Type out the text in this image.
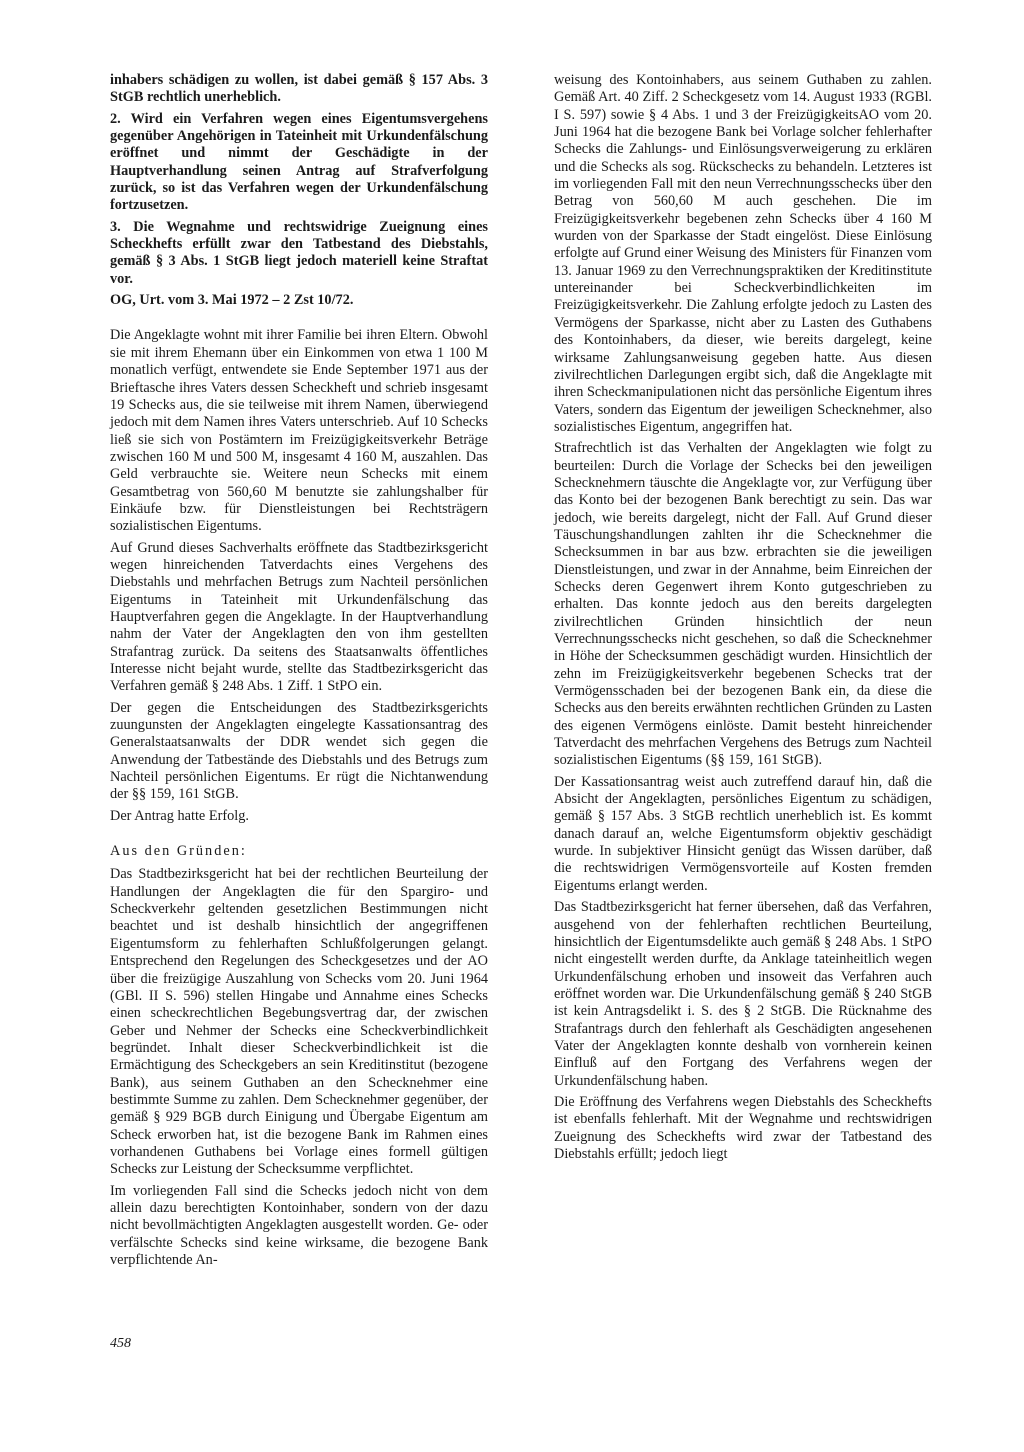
inhabers schädigen zu wollen, ist dabei gemäß § 157 Abs. 3 StGB rechtlich unerheblich.

2. Wird ein Verfahren wegen eines Eigentumsvergehens gegenüber Angehörigen in Tateinheit mit Urkundenfälschung eröffnet und nimmt der Geschädigte in der Hauptverhandlung seinen Antrag auf Strafverfolgung zurück, so ist das Verfahren wegen der Urkundenfälschung fortzusetzen.

3. Die Wegnahme und rechtswidrige Zueignung eines Scheckhefts erfüllt zwar den Tatbestand des Diebstahls, gemäß § 3 Abs. 1 StGB liegt jedoch materiell keine Straftat vor.

OG, Urt. vom 3. Mai 1972 – 2 Zst 10/72.

Die Angeklagte wohnt mit ihrer Familie bei ihren Eltern. Obwohl sie mit ihrem Ehemann über ein Einkommen von etwa 1 100 M monatlich verfügt, entwendete sie Ende September 1971 aus der Brieftasche ihres Vaters dessen Scheckheft und schrieb insgesamt 19 Schecks aus, die sie teilweise mit ihrem Namen, überwiegend jedoch mit dem Namen ihres Vaters unterschrieb. Auf 10 Schecks ließ sie sich von Postämtern im Freizügigkeitsverkehr Beträge zwischen 160 M und 500 M, insgesamt 4 160 M, auszahlen. Das Geld verbrauchte sie. Weitere neun Schecks mit einem Gesamtbetrag von 560,60 M benutzte sie zahlungshalber für Einkäufe bzw. für Dienstleistungen bei Rechtsträgern sozialistischen Eigentums.

Auf Grund dieses Sachverhalts eröffnete das Stadtbezirksgericht wegen hinreichenden Tatverdachts eines Vergehens des Diebstahls und mehrfachen Betrugs zum Nachteil persönlichen Eigentums in Tateinheit mit Urkundenfälschung das Hauptverfahren gegen die Angeklagte. In der Hauptverhandlung nahm der Vater der Angeklagten den von ihm gestellten Strafantrag zurück. Da seitens des Staatsanwalts öffentliches Interesse nicht bejaht wurde, stellte das Stadtbezirksgericht das Verfahren gemäß § 248 Abs. 1 Ziff. 1 StPO ein.

Der gegen die Entscheidungen des Stadtbezirksgerichts zuungunsten der Angeklagten eingelegte Kassationsantrag des Generalstaatsanwalts der DDR wendet sich gegen die Anwendung der Tatbestände des Diebstahls und des Betrugs zum Nachteil persönlichen Eigentums. Er rügt die Nichtanwendung der §§ 159, 161 StGB.

Der Antrag hatte Erfolg.

Aus den Gründen:

Das Stadtbezirksgericht hat bei der rechtlichen Beurteilung der Handlungen der Angeklagten die für den Spargiro- und Scheckverkehr geltenden gesetzlichen Bestimmungen nicht beachtet und ist deshalb hinsichtlich der angegriffenen Eigentumsform zu fehlerhaften Schlußfolgerungen gelangt. Entsprechend den Regelungen des Scheckgesetzes und der AO über die freizügige Auszahlung von Schecks vom 20. Juni 1964 (GBl. II S. 596) stellen Hingabe und Annahme eines Schecks einen scheckrechtlichen Begebungsvertrag dar, der zwischen Geber und Nehmer der Schecks eine Scheckverbindlichkeit begründet. Inhalt dieser Scheckverbindlichkeit ist die Ermächtigung des Scheckgebers an sein Kreditinstitut (bezogene Bank), aus seinem Guthaben an den Schecknehmer eine bestimmte Summe zu zahlen. Dem Schecknehmer gegenüber, der gemäß § 929 BGB durch Einigung und Übergabe Eigentum am Scheck erworben hat, ist die bezogene Bank im Rahmen eines vorhandenen Guthabens bei Vorlage eines formell gültigen Schecks zur Leistung der Schecksumme verpflichtet.

Im vorliegenden Fall sind die Schecks jedoch nicht von dem allein dazu berechtigten Kontoinhaber, sondern von der dazu nicht bevollmächtigten Angeklagten ausgestellt worden. Ge- oder verfälschte Schecks sind keine wirksame, die bezogene Bank verpflichtende An-

weisung des Kontoinhabers, aus seinem Guthaben zu zahlen. Gemäß Art. 40 Ziff. 2 Scheckgesetz vom 14. August 1933 (RGBl. I S. 597) sowie § 4 Abs. 1 und 3 der FreizügigkeitsAO vom 20. Juni 1964 hat die bezogene Bank bei Vorlage solcher fehlerhafter Schecks die Zahlungs- und Einlösungsverweigerung zu erklären und die Schecks als sog. Rückschecks zu behandeln. Letzteres ist im vorliegenden Fall mit den neun Verrechnungsschecks über den Betrag von 560,60 M auch geschehen. Die im Freizügigkeitsverkehr begebenen zehn Schecks über 4 160 M wurden von der Sparkasse der Stadt eingelöst. Diese Einlösung erfolgte auf Grund einer Weisung des Ministers für Finanzen vom 13. Januar 1969 zu den Verrechnungspraktiken der Kreditinstitute untereinander bei Scheckverbindlichkeiten im Freizügigkeitsverkehr. Die Zahlung erfolgte jedoch zu Lasten des Vermögens der Sparkasse, nicht aber zu Lasten des Guthabens des Kontoinhabers, da dieser, wie bereits dargelegt, keine wirksame Zahlungsanweisung gegeben hatte. Aus diesen zivilrechtlichen Darlegungen ergibt sich, daß die Angeklagte mit ihren Scheckmanipulationen nicht das persönliche Eigentum ihres Vaters, sondern das Eigentum der jeweiligen Schecknehmer, also sozialistisches Eigentum, angegriffen hat.

Strafrechtlich ist das Verhalten der Angeklagten wie folgt zu beurteilen: Durch die Vorlage der Schecks bei den jeweiligen Schecknehmern täuschte die Angeklagte vor, zur Verfügung über das Konto bei der bezogenen Bank berechtigt zu sein. Das war jedoch, wie bereits dargelegt, nicht der Fall. Auf Grund dieser Täuschungshandlungen zahlten ihr die Schecknehmer die Schecksummen in bar aus bzw. erbrachten sie die jeweiligen Dienstleistungen, und zwar in der Annahme, beim Einreichen der Schecks deren Gegenwert ihrem Konto gutgeschrieben zu erhalten. Das konnte jedoch aus den bereits dargelegten zivilrechtlichen Gründen hinsichtlich der neun Verrechnungsschecks nicht geschehen, so daß die Schecknehmer in Höhe der Schecksummen geschädigt wurden. Hinsichtlich der zehn im Freizügigkeitsverkehr begebenen Schecks trat der Vermögensschaden bei der bezogenen Bank ein, da diese die Schecks aus den bereits erwähnten rechtlichen Gründen zu Lasten des eigenen Vermögens einlöste. Damit besteht hinreichender Tatverdacht des mehrfachen Vergehens des Betrugs zum Nachteil sozialistischen Eigentums (§§ 159, 161 StGB).

Der Kassationsantrag weist auch zutreffend darauf hin, daß die Absicht der Angeklagten, persönliches Eigentum zu schädigen, gemäß § 157 Abs. 3 StGB rechtlich unerheblich ist. Es kommt danach darauf an, welche Eigentumsform objektiv geschädigt wurde. In subjektiver Hinsicht genügt das Wissen darüber, daß die rechtswidrigen Vermögensvorteile auf Kosten fremden Eigentums erlangt werden.

Das Stadtbezirksgericht hat ferner übersehen, daß das Verfahren, ausgehend von der fehlerhaften rechtlichen Beurteilung, hinsichtlich der Eigentumsdelikte auch gemäß § 248 Abs. 1 StPO nicht eingestellt werden durfte, da Anklage tateinheitlich wegen Urkundenfälschung erhoben und insoweit das Verfahren auch eröffnet worden war. Die Urkundenfälschung gemäß § 240 StGB ist kein Antragsdelikt i. S. des § 2 StGB. Die Rücknahme des Strafantrags durch den fehlerhaft als Geschädigten angesehenen Vater der Angeklagten konnte deshalb von vornherein keinen Einfluß auf den Fortgang des Verfahrens wegen der Urkundenfälschung haben.

Die Eröffnung des Verfahrens wegen Diebstahls des Scheckhefts ist ebenfalls fehlerhaft. Mit der Wegnahme und rechtswidrigen Zueignung des Scheckhefts wird zwar der Tatbestand des Diebstahls erfüllt; jedoch liegt

458
